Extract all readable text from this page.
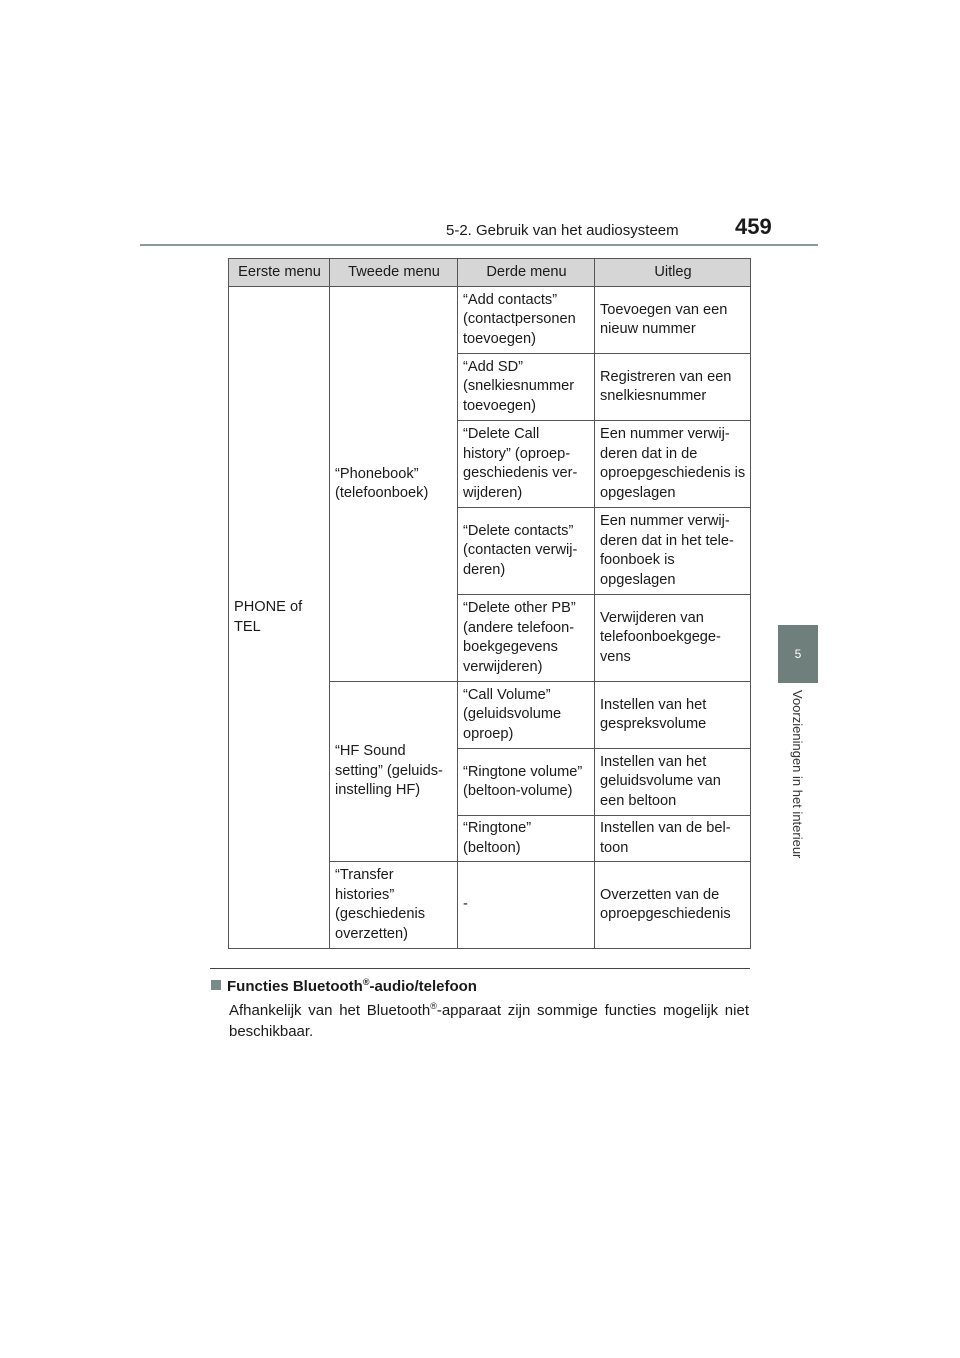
5-2. Gebruik van het audiosysteem	459
5
Voorzieningen in het interieur
Eerste menu	Tweede menu	Derde menu	Uitleg
PHONE of TEL	“Phonebook” (telefoonboek)	“Add contacts” (contactpersonen toevoegen)	Toevoegen van een nieuw nummer
		“Add SD” (snelkiesnummer toevoegen)	Registreren van een snelkiesnummer
		“Delete Call history” (oproep-geschiedenis ver-wijderen)	Een nummer verwij-deren dat in de oproepgeschiedenis is opgeslagen
		“Delete contacts” (contacten verwij-deren)	Een nummer verwij-deren dat in het tele-foonboek is opgeslagen
		“Delete other PB” (andere telefoon-boekgegevens verwijderen)	Verwijderen van telefoonboekgege-vens
	“HF Sound setting” (geluids-instelling HF)	“Call Volume” (geluidsvolume oproep)	Instellen van het gespreksvolume
		“Ringtone volume” (beltoon-volume)	Instellen van het geluidsvolume van een beltoon
		“Ringtone” (beltoon)	Instellen van de bel-toon
	“Transfer histories” (geschiedenis overzetten)	-	Overzetten van de oproepgeschiedenis
Functies Bluetooth®-audio/telefoon
Afhankelijk van het Bluetooth®-apparaat zijn sommige functies mogelijk niet beschikbaar.
